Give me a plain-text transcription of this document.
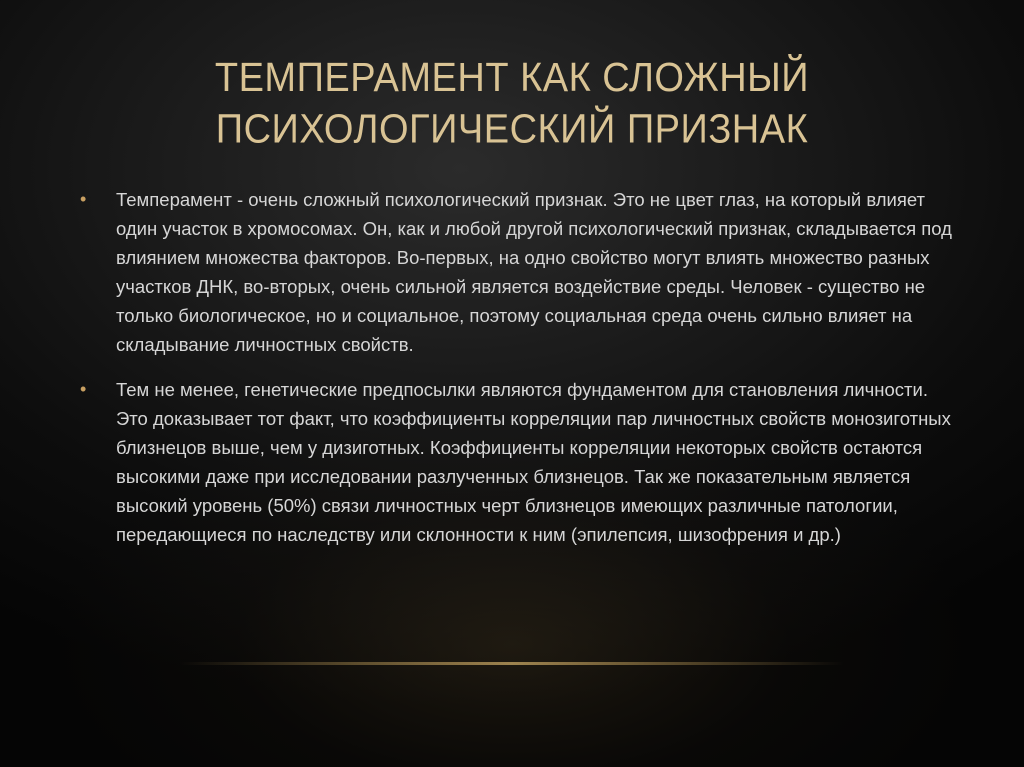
ТЕМПЕРАМЕНТ КАК СЛОЖНЫЙ
ПСИХОЛОГИЧЕСКИЙ ПРИЗНАК
• Темперамент - очень сложный психологический признак. Это не цвет глаз, на который влияет один участок в хромосомах. Он, как и любой другой психологический признак, складывается под влиянием множества факторов. Во-первых, на одно свойство могут влиять множество разных участков ДНК, во-вторых, очень сильной является воздействие среды. Человек - существо не только биологическое, но и социальное, поэтому социальная среда очень сильно влияет на складывание личностных свойств.
• Тем не менее, генетические предпосылки являются фундаментом для становления личности. Это доказывает тот факт, что коэффициенты корреляции пар личностных свойств монозиготных близнецов выше, чем у дизиготных. Коэффициенты корреляции некоторых свойств остаются высокими даже при исследовании разлученных близнецов. Так же показательным является высокий уровень (50%) связи личностных черт близнецов имеющих различные патологии, передающиеся по наследству или склонности к ним (эпилепсия, шизофрения и др.)
